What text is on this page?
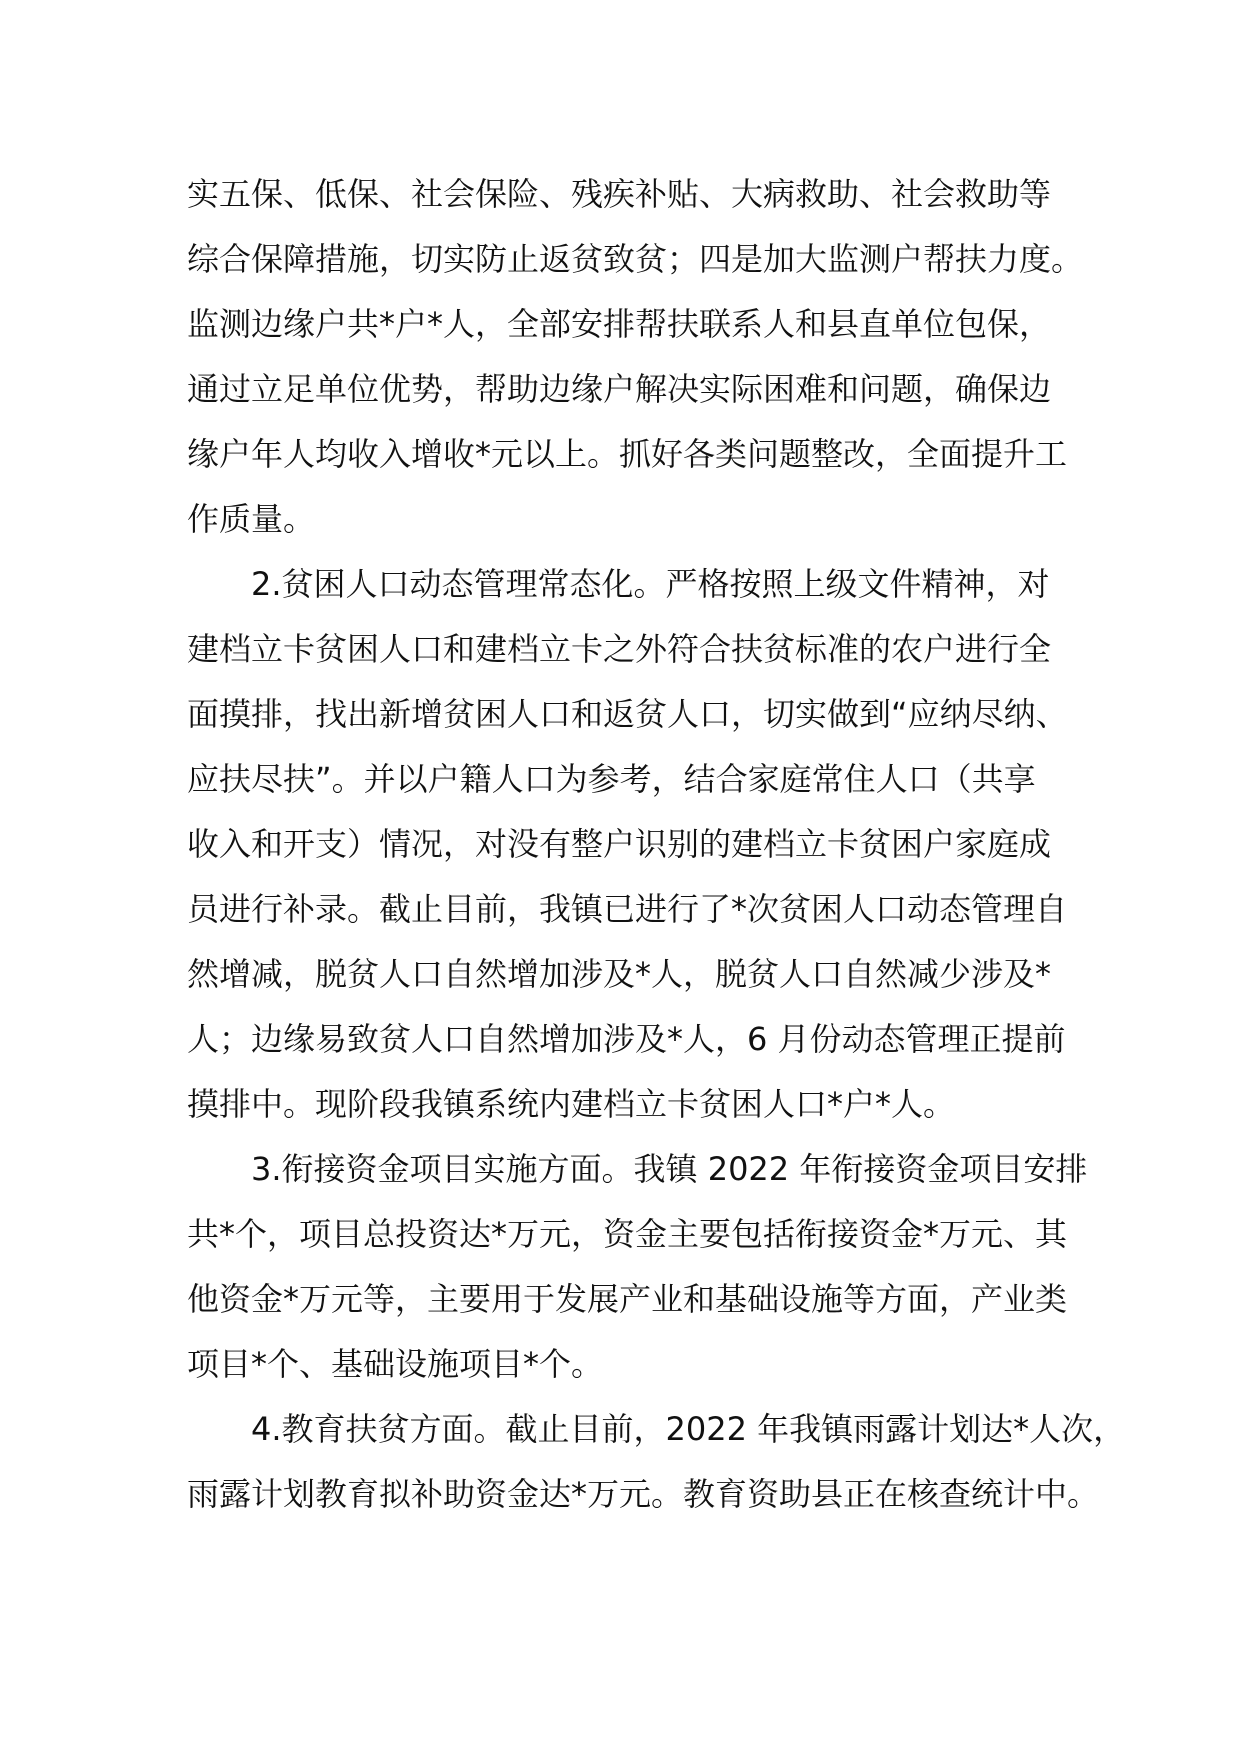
实五保、低保、社会保险、残疾补贴、大病救助、社会救助等
综合保障措施，切实防止返贫致贫；四是加大监测户帮扶力度。
监测边缘户共*户*人，全部安排帮扶联系人和县直单位包保，
通过立足单位优势，帮助边缘户解决实际困难和问题，确保边
缘户年人均收入增收*元以上。抓好各类问题整改，全面提升工
作质量。

2.贫困人口动态管理常态化。严格按照上级文件精神，对
建档立卡贫困人口和建档立卡之外符合扶贫标准的农户进行全
面摸排，找出新增贫困人口和返贫人口，切实做到“应纳尽纳、
应扶尽扶”。并以户籍人口为参考，结合家庭常住人口（共享
收入和开支）情况，对没有整户识别的建档立卡贫困户家庭成
员进行补录。截止目前，我镇已进行了*次贫困人口动态管理自
然增减，脱贫人口自然增加涉及*人，脱贫人口自然减少涉及*
人；边缘易致贫人口自然增加涉及*人，6 月份动态管理正提前
摸排中。现阶段我镇系统内建档立卡贫困人口*户*人。

3.衔接资金项目实施方面。我镇 2022 年衔接资金项目安排
共*个，项目总投资达*万元，资金主要包括衔接资金*万元、其
他资金*万元等，主要用于发展产业和基础设施等方面，产业类
项目*个、基础设施项目*个。

4.教育扶贫方面。截止目前，2022 年我镇雨露计划达*人次，
雨露计划教育拟补助资金达*万元。教育资助县正在核查统计中。
